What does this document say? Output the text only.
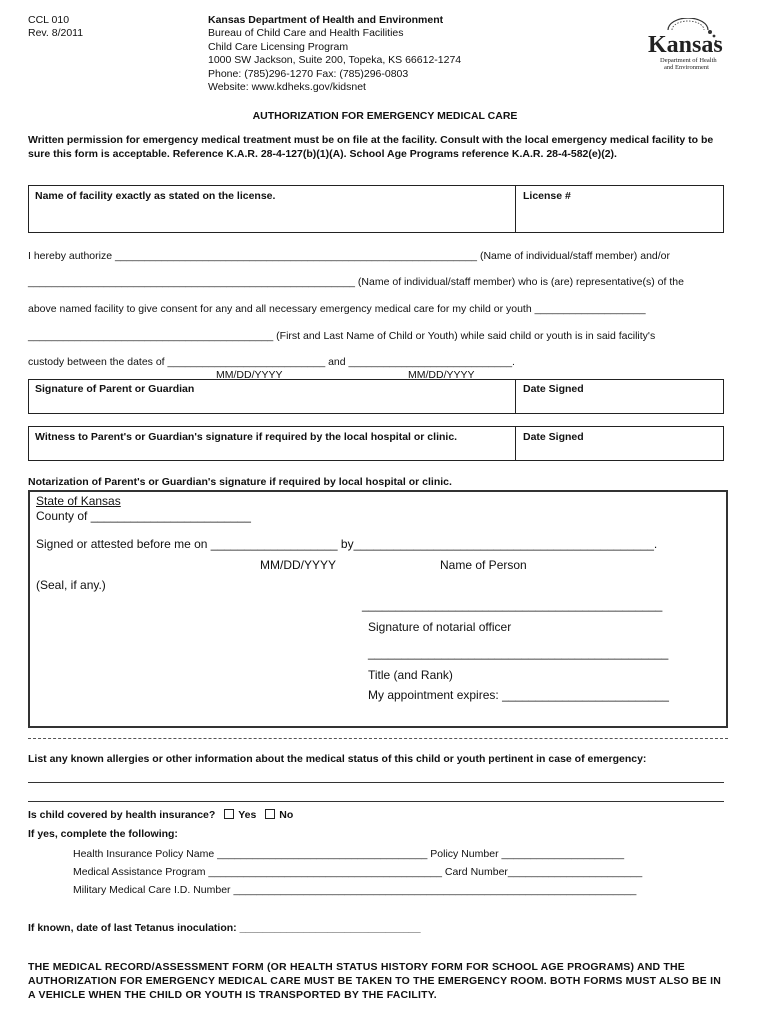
CCL 010
Rev. 8/2011
Kansas Department of Health and Environment
Bureau of Child Care and Health Facilities
Child Care Licensing Program
1000 SW Jackson, Suite 200, Topeka, KS 66612-1274
Phone: (785)296-1270 Fax: (785)296-0803
Website: www.kdheks.gov/kidsnet
Kansas
Department of Health
and Environment
AUTHORIZATION FOR EMERGENCY MEDICAL CARE
Written permission for emergency medical treatment must be on file at the facility. Consult with the local emergency medical facility to be sure this form is acceptable. Reference K.A.R. 28-4-127(b)(1)(A). School Age Programs reference K.A.R. 28-4-582(e)(2).
Name of facility exactly as stated on the license.	License #
I hereby authorize ______________________________________________________________ (Name of individual/staff member) and/or
________________________________________________________ (Name of individual/staff member) who is (are) representative(s) of the
above named facility to give consent for any and all necessary emergency medical care for my child or youth ___________________
__________________________________________ (First and Last Name of Child or Youth) while said child or youth is in said facility's
custody between the dates of ___________________________ and ____________________________.
MM/DD/YYYY	MM/DD/YYYY
Signature of Parent or Guardian	Date Signed
Witness to Parent's or Guardian's signature if required by the local hospital or clinic.	Date Signed
Notarization of Parent's or Guardian's signature if required by local hospital or clinic.
State of Kansas
County of ________________________
Signed or attested before me on ___________________ by_____________________________________________.
MM/DD/YYYY	Name of Person
(Seal, if any.)
_____________________________________________
Signature of notarial officer
_____________________________________________
Title (and Rank)
My appointment expires: _________________________
List any known allergies or other information about the medical status of this child or youth pertinent in case of emergency:
Is child covered by health insurance? Yes No
If yes, complete the following:
Health Insurance Policy Name ____________________________________ Policy Number _____________________
Medical Assistance Program ________________________________________ Card Number_______________________
Military Medical Care I.D. Number _____________________________________________________________________
If known, date of last Tetanus inoculation: _______________________________
THE MEDICAL RECORD/ASSESSMENT FORM (OR HEALTH STATUS HISTORY FORM FOR SCHOOL AGE PROGRAMS) AND THE AUTHORIZATION FOR EMERGENCY MEDICAL CARE MUST BE TAKEN TO THE EMERGENCY ROOM. BOTH FORMS MUST ALSO BE IN A VEHICLE WHEN THE CHILD OR YOUTH IS TRANSPORTED BY THE FACILITY.
